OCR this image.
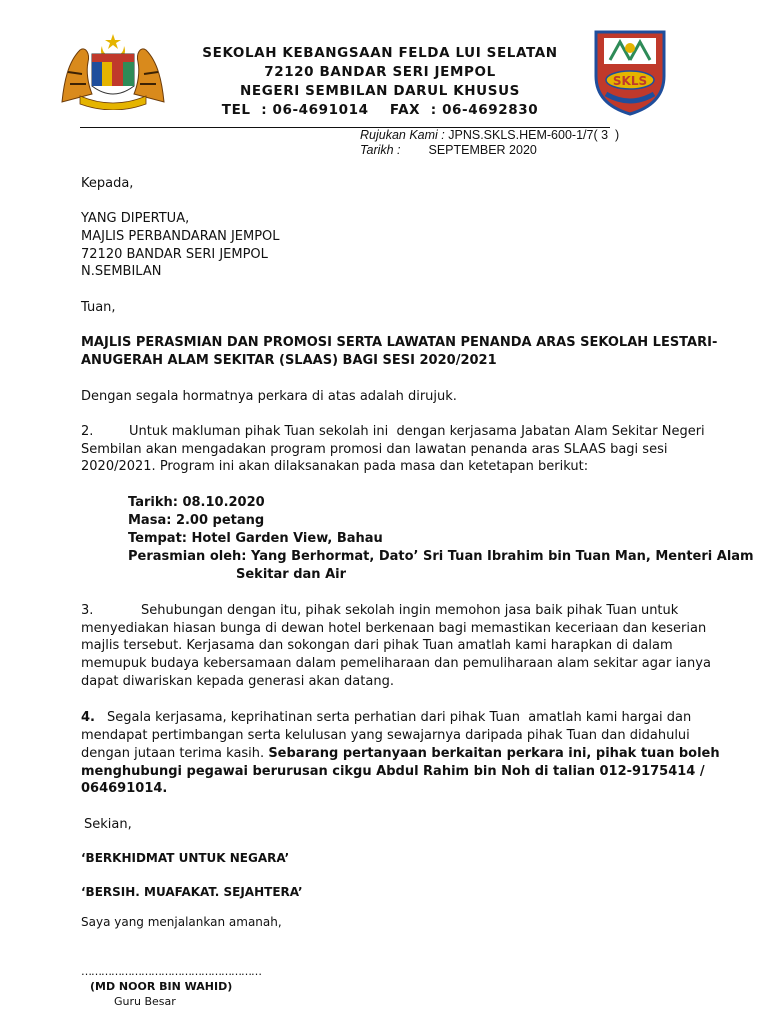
SEKOLAH KEBANGSAAN FELDA LUI SELATAN
72120 BANDAR SERI JEMPOL
NEGERI SEMBILAN DARUL KHUSUS
TEL  : 06-4691014    FAX  : 06-4692830
SKLS
Rujukan Kami : JPNS.SKLS.HEM-600-1/7( 3  )
Tarikh : SEPTEMBER 2020
Kepada,
YANG DIPERTUA,
MAJLIS PERBANDARAN JEMPOL
72120 BANDAR SERI JEMPOL
N.SEMBILAN
Tuan,
MAJLIS PERASMIAN DAN PROMOSI SERTA LAWATAN PENANDA ARAS SEKOLAH LESTARI-
ANUGERAH ALAM SEKITAR (SLAAS) BAGI SESI 2020/2021
Dengan segala hormatnya perkara di atas adalah dirujuk.
2.	Untuk makluman pihak Tuan sekolah ini  dengan kerjasama Jabatan Alam Sekitar Negeri
Sembilan akan mengadakan program promosi dan lawatan penanda aras SLAAS bagi sesi
2020/2021. Program ini akan dilaksanakan pada masa dan ketetapan berikut:
Tarikh: 08.10.2020
Masa: 2.00 petang
Tempat: Hotel Garden View, Bahau
Perasmian oleh: Yang Berhormat, Dato’ Sri Tuan Ibrahim bin Tuan Man, Menteri Alam
Sekitar dan Air
3.	Sehubungan dengan itu, pihak sekolah ingin memohon jasa baik pihak Tuan untuk
menyediakan hiasan bunga di dewan hotel berkenaan bagi memastikan keceriaan dan keserian
majlis tersebut. Kerjasama dan sokongan dari pihak Tuan amatlah kami harapkan di dalam
memupuk budaya kebersamaan dalam pemeliharaan dan pemuliharaan alam sekitar agar ianya
dapat diwariskan kepada generasi akan datang.
4. Segala kerjasama, keprihatinan serta perhatian dari pihak Tuan  amatlah kami hargai dan
mendapat pertimbangan serta kelulusan yang sewajarnya daripada pihak Tuan dan didahului
dengan jutaan terima kasih. Sebarang pertanyaan berkaitan perkara ini, pihak tuan boleh
menghubungi pegawai berurusan cikgu Abdul Rahim bin Noh di talian 012-9175414 /
064691014.
Sekian,
‘BERKHIDMAT UNTUK NEGARA’
‘BERSIH. MUAFAKAT. SEJAHTERA’
Saya yang menjalankan amanah,
………………………………………………
(MD NOOR BIN WAHID)
Guru Besar
